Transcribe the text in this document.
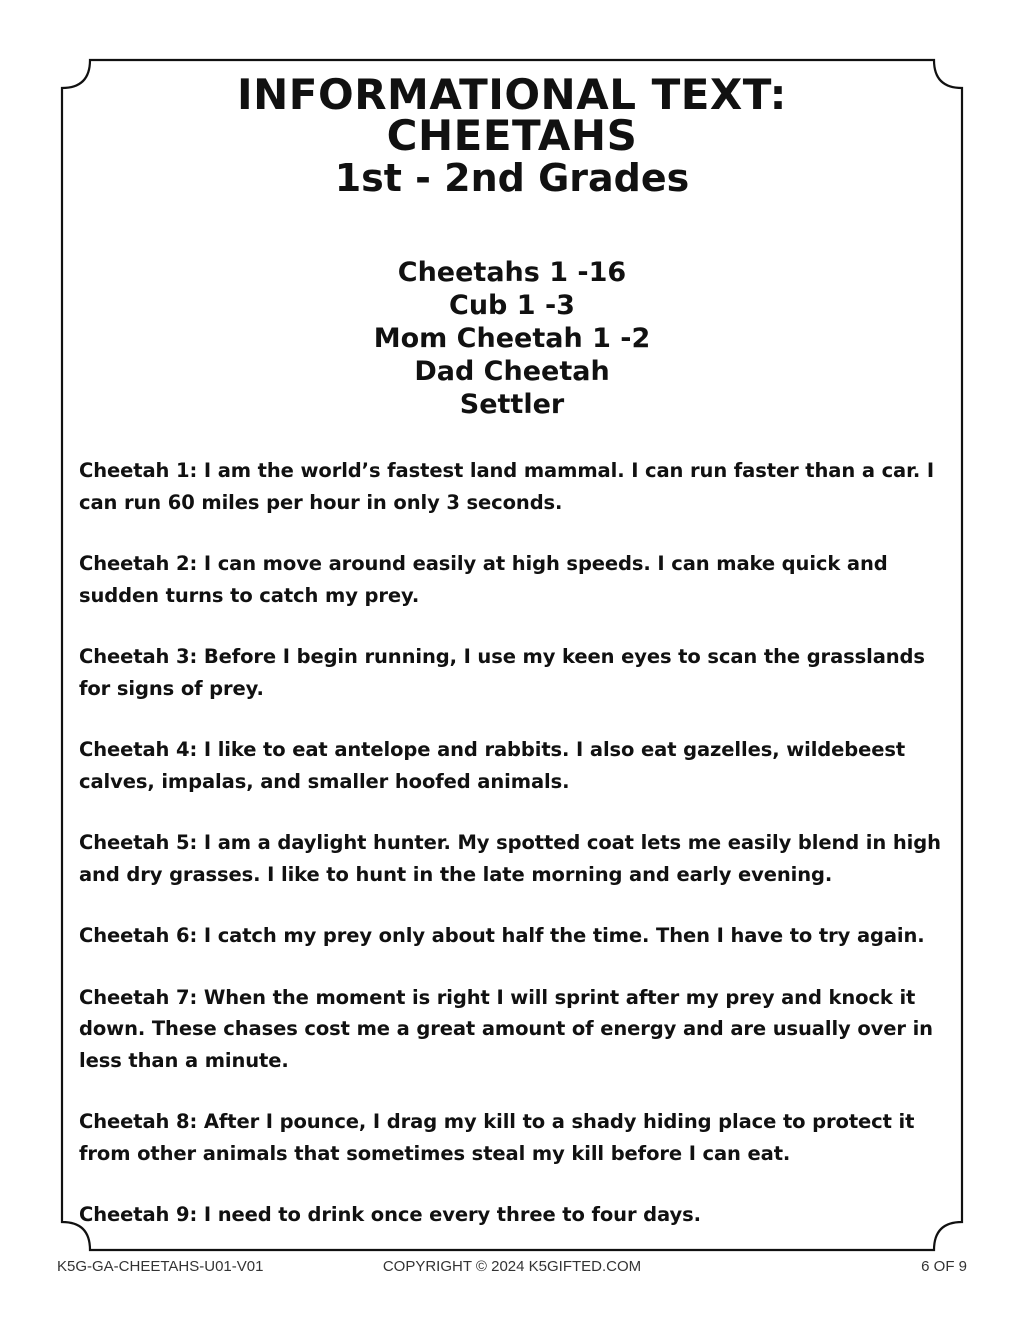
INFORMATIONAL TEXT:
CHEETAHS
1st - 2nd Grades
Cheetahs 1 -16
Cub 1 -3
Mom Cheetah 1 -2
Dad Cheetah
Settler

Cheetah 1: I am the world’s fastest land mammal. I can run faster than a car. I can run 60 miles per hour in only 3 seconds.

Cheetah 2: I can move around easily at high speeds. I can make quick and sudden turns to catch my prey.

Cheetah 3: Before I begin running, I use my keen eyes to scan the grasslands for signs of prey.

Cheetah 4: I like to eat antelope and rabbits. I also eat gazelles, wildebeest calves, impalas, and smaller hoofed animals.

Cheetah 5: I am a daylight hunter. My spotted coat lets me easily blend in high and dry grasses. I like to hunt in the late morning and early evening.

Cheetah 6: I catch my prey only about half the time. Then I have to try again.

Cheetah 7: When the moment is right I will sprint after my prey and knock it down. These chases cost me a great amount of energy and are usually over in less than a minute.

Cheetah 8: After I pounce, I drag my kill to a shady hiding place to protect it from other animals that sometimes steal my kill before I can eat.

Cheetah 9: I need to drink once every three to four days.

K5G-GA-CHEETAHS-U01-V01	COPYRIGHT © 2024 K5GIFTED.COM	6 OF 9
